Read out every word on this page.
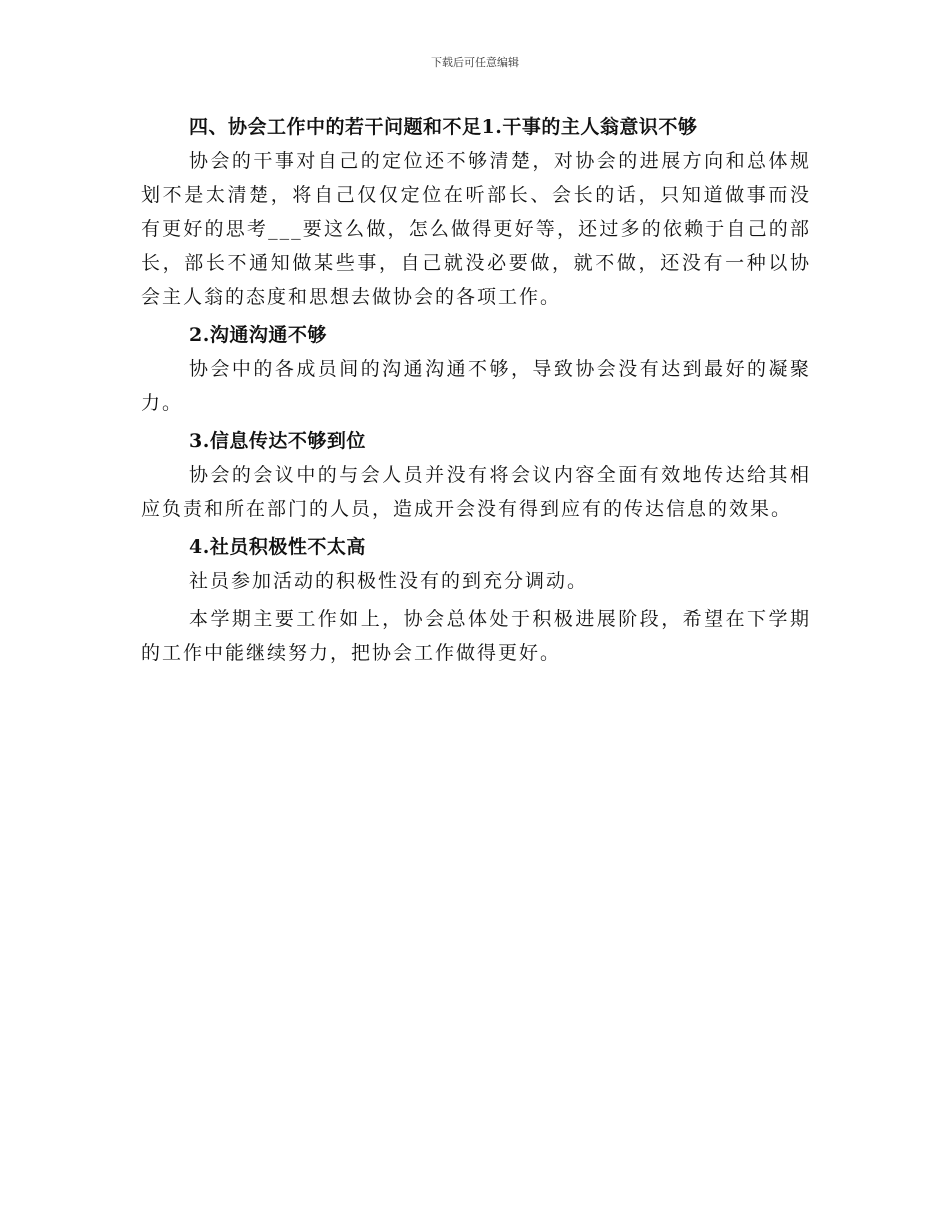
下载后可任意编辑

四、协会工作中的若干问题和不足1.干事的主人翁意识不够

协会的干事对自己的定位还不够清楚，对协会的进展方向和总体规划不是太清楚，将自己仅仅定位在听部长、会长的话，只知道做事而没有更好的思考___要这么做，怎么做得更好等，还过多的依赖于自己的部长，部长不通知做某些事，自己就没必要做，就不做，还没有一种以协会主人翁的态度和思想去做协会的各项工作。

2.沟通沟通不够

协会中的各成员间的沟通沟通不够，导致协会没有达到最好的凝聚力。

3.信息传达不够到位

协会的会议中的与会人员并没有将会议内容全面有效地传达给其相应负责和所在部门的人员，造成开会没有得到应有的传达信息的效果。

4.社员积极性不太高

社员参加活动的积极性没有的到充分调动。

本学期主要工作如上，协会总体处于积极进展阶段，希望在下学期的工作中能继续努力，把协会工作做得更好。
